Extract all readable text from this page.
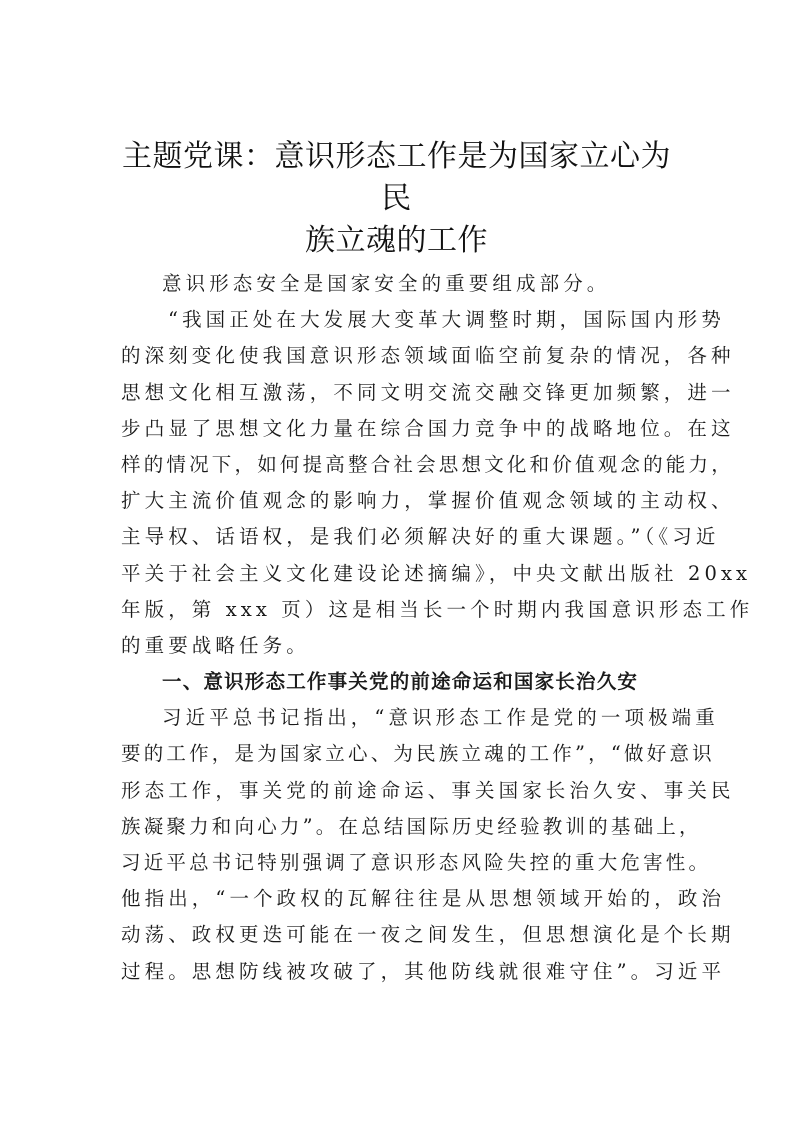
主题党课：意识形态工作是为国家立心为民
族立魂的工作
意识形态安全是国家安全的重要组成部分。
“我国正处在大发展大变革大调整时期，国际国内形势
的深刻变化使我国意识形态领域面临空前复杂的情况，各种
思想文化相互激荡，不同文明交流交融交锋更加频繁，进一
步凸显了思想文化力量在综合国力竞争中的战略地位。在这
样的情况下，如何提高整合社会思想文化和价值观念的能力，
扩大主流价值观念的影响力，掌握价值观念领域的主动权、
主导权、话语权，是我们必须解决好的重大课题。”（《习近
平关于社会主义文化建设论述摘编》，中央文献出版社 20xx
年版，第 xxx 页）这是相当长一个时期内我国意识形态工作
的重要战略任务。
一、意识形态工作事关党的前途命运和国家长治久安
习近平总书记指出，“意识形态工作是党的一项极端重
要的工作，是为国家立心、为民族立魂的工作”，“做好意识
形态工作，事关党的前途命运、事关国家长治久安、事关民
族凝聚力和向心力”。在总结国际历史经验教训的基础上，
习近平总书记特别强调了意识形态风险失控的重大危害性。
他指出，“一个政权的瓦解往往是从思想领域开始的，政治
动荡、政权更迭可能在一夜之间发生，但思想演化是个长期
过程。思想防线被攻破了，其他防线就很难守住”。习近平
